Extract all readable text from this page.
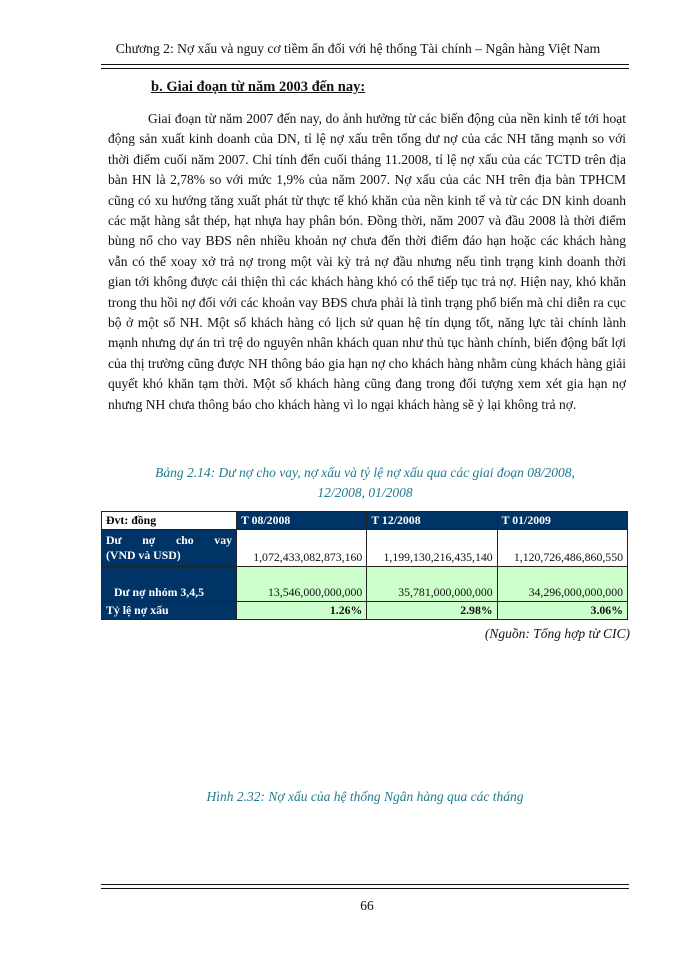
Chương 2: Nợ xấu và nguy cơ tiềm ẩn đối với hệ thống Tài chính – Ngân hàng Việt Nam
b. Giai đoạn từ năm 2003 đến nay:

Giai đoạn từ năm 2007 đến nay, do ảnh hưởng từ các biến động của nền kinh tế tới hoạt động sản xuất kinh doanh của DN, tỉ lệ nợ xấu trên tổng dư nợ của các NH tăng mạnh so với thời điểm cuối năm 2007. Chỉ tính đến cuối tháng 11.2008, tỉ lệ nợ xấu của các TCTD trên địa bàn HN là 2,78% so với mức 1,9% của năm 2007. Nợ xấu của các NH trên địa bàn TPHCM cũng có xu hướng tăng xuất phát từ thực tế khó khăn của nền kinh tế và từ các DN kinh doanh các mặt hàng sắt thép, hạt nhựa hay phân bón. Đồng thời, năm 2007 và đầu 2008 là thời điểm bùng nổ cho vay BĐS nên nhiều khoản nợ chưa đến thời điểm đáo hạn hoặc các khách hàng vẫn có thể xoay xở trả nợ trong một vài kỳ trả nợ đầu nhưng nếu tình trạng kinh doanh thời gian tới không được cải thiện thì các khách hàng khó có thể tiếp tục trả nợ. Hiện nay, khó khăn trong thu hồi nợ đối với các khoản vay BĐS chưa phải là tình trạng phổ biến mà chỉ diễn ra cục bộ ở một số NH. Một số khách hàng có lịch sử quan hệ tín dụng tốt, năng lực tài chính lành mạnh nhưng dự án trì trệ do nguyên nhân khách quan như thủ tục hành chính, biến động bất lợi của thị trường cũng được NH thông báo gia hạn nợ cho khách hàng nhằm cùng khách hàng giải quyết khó khăn tạm thời. Một số khách hàng cũng đang trong đối tượng xem xét gia hạn nợ nhưng NH chưa thông báo cho khách hàng vì lo ngại khách hàng sẽ ỷ lại không trả nợ.

Bảng 2.14: Dư nợ cho vay, nợ xấu và tỷ lệ nợ xấu qua các giai đoạn 08/2008,
12/2008, 01/2008
Đvt: đồng	T 08/2008	T 12/2008	T 01/2009

Dư nợ cho vay
(VND và USD)	1,072,433,082,873,160	1,199,130,216,435,140	1,120,726,486,860,550
Dư nợ nhóm 3,4,5	13,546,000,000,000	35,781,000,000,000	34,296,000,000,000
Tỷ lệ nợ xấu	1.26%	2.98%	3.06%
(Nguồn: Tổng hợp từ CIC)
Hình 2.32: Nợ xấu của hệ thống Ngân hàng qua các tháng
66
